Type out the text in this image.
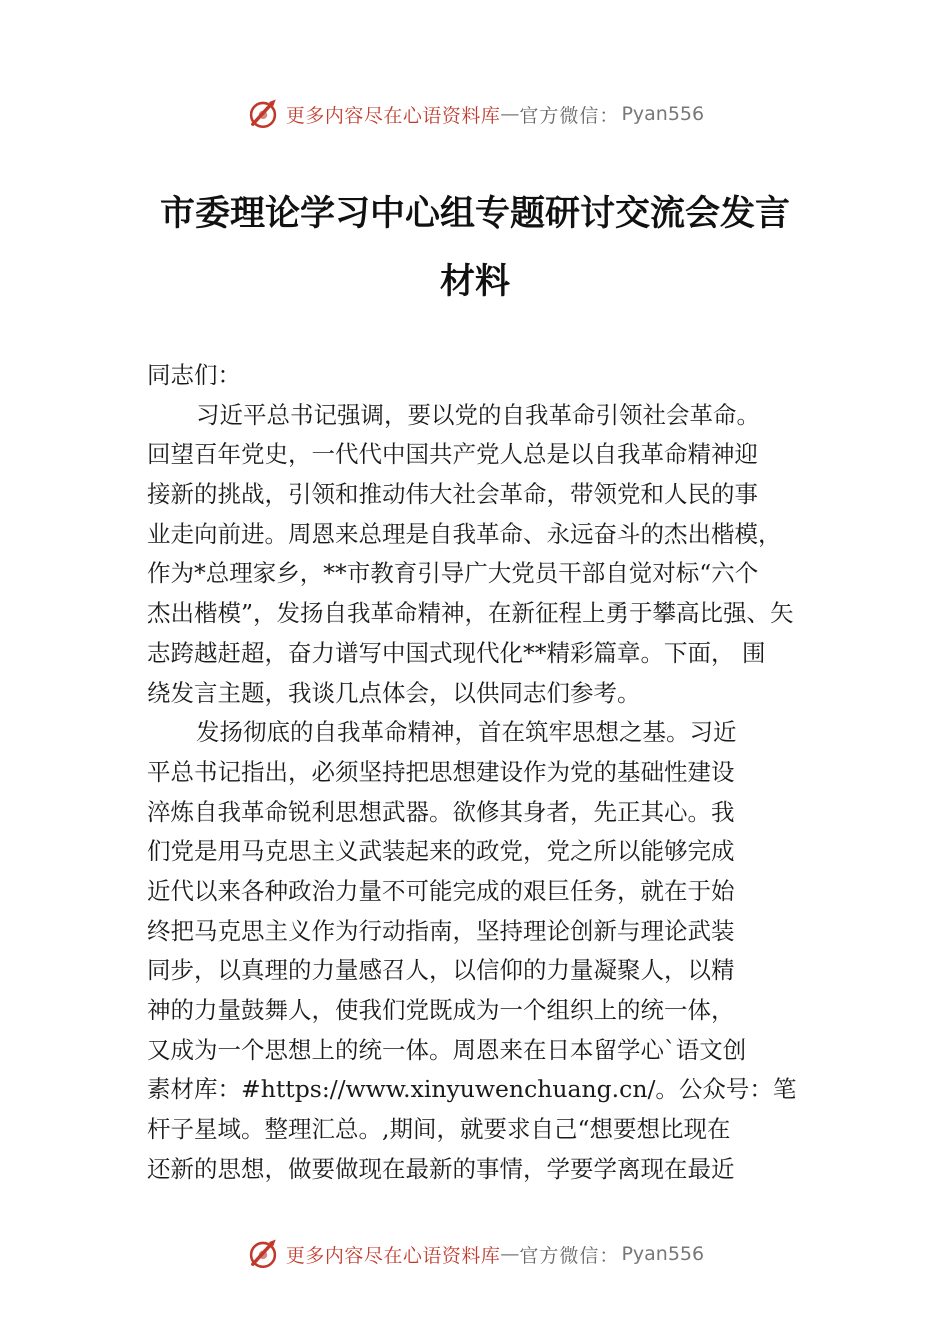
更多内容尽在心语资料库 — 官方微信： Pyan556
市委理论学习中心组专题研讨交流会发言
材料
同志们：
习近平总书记强调，要以党的自我革命引领社会革命。
回望百年党史，一代代中国共产党人总是以自我革命精神迎
接新的挑战，引领和推动伟大社会革命，带领党和人民的事
业走向前进。周恩来总理是自我革命、永远奋斗的杰出楷模，
作为*总理家乡，**市教育引导广大党员干部自觉对标“六个
杰出楷模”，发扬自我革命精神，在新征程上勇于攀高比强、矢
志跨越赶超，奋力谱写中国式现代化**精彩篇章。下面， 围
绕发言主题，我谈几点体会，以供同志们参考。
发扬彻底的自我革命精神，首在筑牢思想之基。习近
平总书记指出，必须坚持把思想建设作为党的基础性建设
淬炼自我革命锐利思想武器。欲修其身者，先正其心。我
们党是用马克思主义武装起来的政党，党之所以能够完成
近代以来各种政治力量不可能完成的艰巨任务，就在于始
终把马克思主义作为行动指南，坚持理论创新与理论武装
同步，以真理的力量感召人，以信仰的力量凝聚人，以精
神的力量鼓舞人，使我们党既成为一个组织上的统一体，
又成为一个思想上的统一体。周恩来在日本留学心`语文创
素材库：#https://www.xinyuwenchuang.cn/。公众号：笔
杆子星域。整理汇总。,期间，就要求自己“想要想比现在
还新的思想，做要做现在最新的事情，学要学离现在最近
更多内容尽在心语资料库 — 官方微信： Pyan556
